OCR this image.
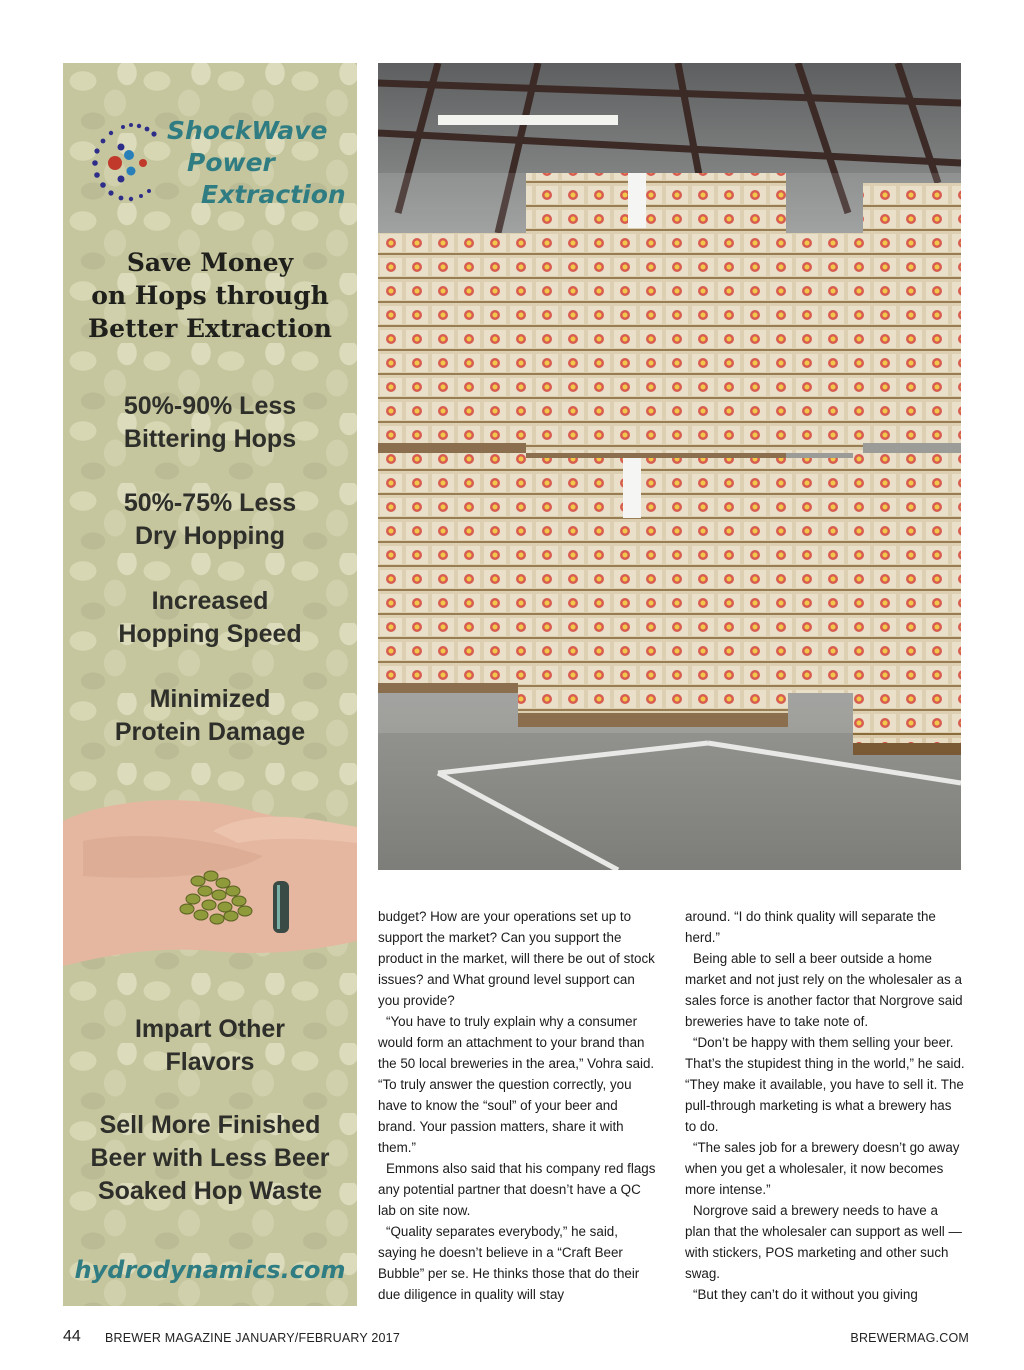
ShockWave
Power
Extraction
Save Money
on Hops through
Better Extraction
50%-90% Less
Bittering Hops
50%-75% Less
Dry Hopping
Increased
Hopping Speed
Minimized
Protein Damage
Impart Other
Flavors
Sell More Finished
Beer with Less Beer
Soaked Hop Waste
hydrodynamics.com

budget? How are your operations set up to support the market? Can you support the product in the market, will there be out of stock issues? and What ground level support can you provide?

“You have to truly explain why a consumer would form an attachment to your brand than the 50 local breweries in the area,” Vohra said. “To truly answer the question correctly, you have to know the “soul” of your beer and brand. Your passion matters, share it with them.”

Emmons also said that his company red flags any potential partner that doesn’t have a QC lab on site now.

“Quality separates everybody,” he said, saying he doesn’t believe in a “Craft Beer Bubble” per se. He thinks those that do their due diligence in quality will stay

around. “I do think quality will separate the herd.”

Being able to sell a beer outside a home market and not just rely on the wholesaler as a sales force is another factor that Norgrove said breweries have to take note of.

“Don’t be happy with them selling your beer. That’s the stupidest thing in the world,” he said. “They make it available, you have to sell it. The pull-through marketing is what a brewery has to do.

“The sales job for a brewery doesn’t go away when you get a wholesaler, it now becomes more intense.”

Norgrove said a brewery needs to have a plan that the wholesaler can support as well — with stickers, POS marketing and other such swag.

“But they can’t do it without you giving

44 BREWER MAGAZINE JANUARY/FEBRUARY 2017	BREWERMAG.COM
